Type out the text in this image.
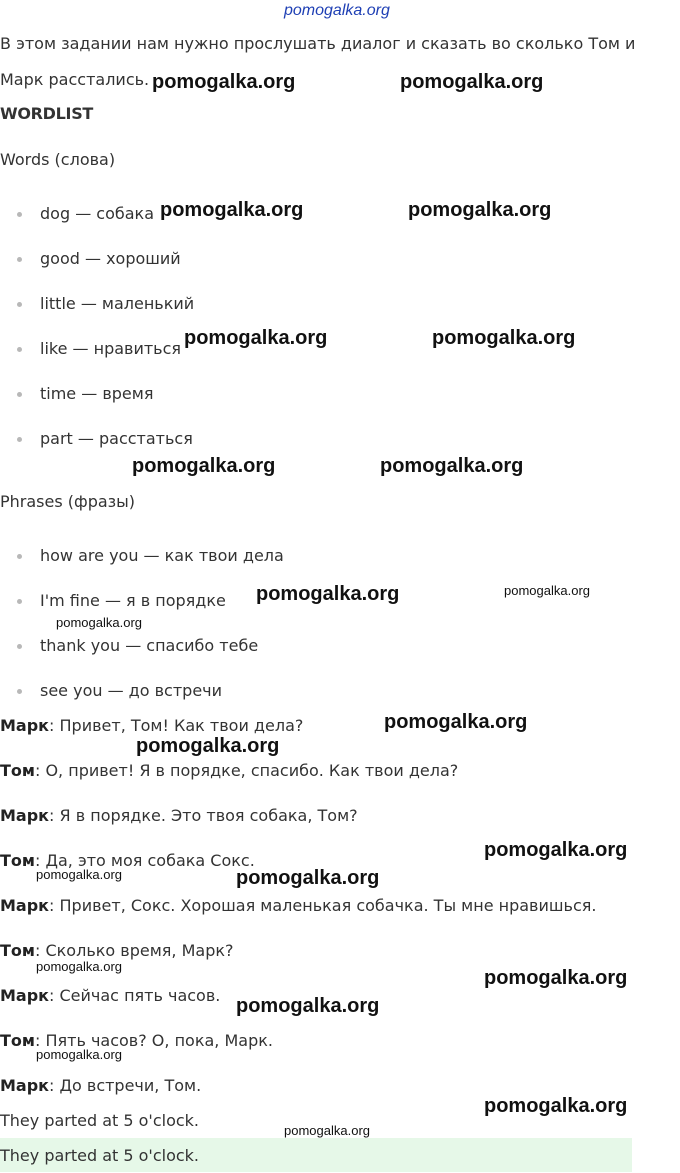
pomogalka.org
В этом задании нам нужно прослушать диалог и сказать во сколько Том и
Марк расстались.
WORDLIST
Words (слова)
dog — собака
good — хороший
little — маленький
like — нравиться
time — время
part — расстаться
Phrases (фразы)
how are you — как твои дела
I'm fine — я в порядке
thank you — спасибо тебе
see you — до встречи
Марк: Привет, Том! Как твои дела?
Том: О, привет! Я в порядке, спасибо. Как твои дела?
Марк: Я в порядке. Это твоя собака, Том?
Том: Да, это моя собака Сокс.
Марк: Привет, Сокс. Хорошая маленькая собачка. Ты мне нравишься.
Том: Сколько время, Марк?
Марк: Сейчас пять часов.
Том: Пять часов? О, пока, Марк.
Марк: До встречи, Том.
They parted at 5 o'clock.
They parted at 5 o'clock.
pomogalka.org	pomogalka.org
pomogalka.org	pomogalka.org
pomogalka.org	pomogalka.org
pomogalka.org	pomogalka.org
pomogalka.org	pomogalka.org
pomogalka.org
pomogalka.org
pomogalka.org
pomogalka.org
pomogalka.org	pomogalka.org
pomogalka.org
pomogalka.org
pomogalka.org
pomogalka.org
pomogalka.org
pomogalka.org
